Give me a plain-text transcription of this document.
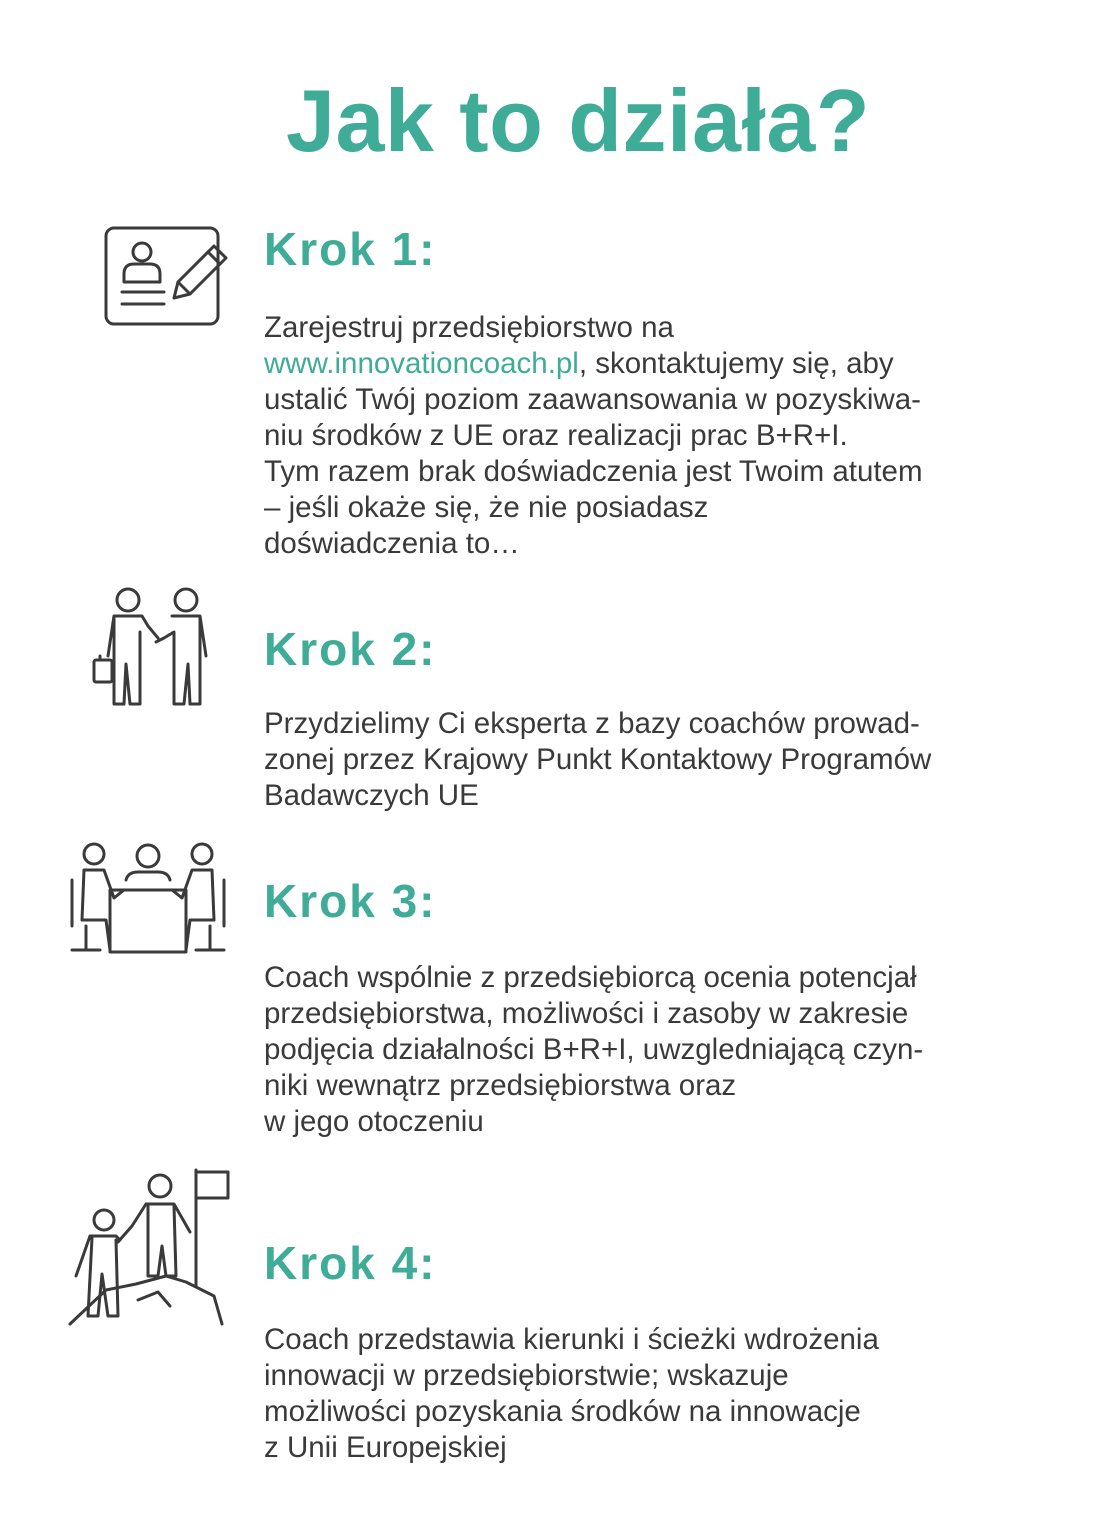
Jak to działa?
Krok 1:

Zarejestruj przedsiębiorstwo na
www.innovationcoach.pl, skontaktujemy się, aby
ustalić Twój poziom zaawansowania w pozyskiwa-
niu środków z UE oraz realizacji prac B+R+I.
Tym razem brak doświadczenia jest Twoim atutem
– jeśli okaże się, że nie posiadasz
doświadczenia to…

Krok 2:

Przydzielimy Ci eksperta z bazy coachów prowad-
zonej przez Krajowy Punkt Kontaktowy Programów
Badawczych UE

Krok 3:

Coach wspólnie z przedsiębiorcą ocenia potencjał
przedsiębiorstwa, możliwości i zasoby w zakresie
podjęcia działalności B+R+I, uwzgledniającą czyn-
niki wewnątrz przedsiębiorstwa oraz
w jego otoczeniu

Krok 4:

Coach przedstawia kierunki i ścieżki wdrożenia
innowacji w przedsiębiorstwie; wskazuje
możliwości pozyskania środków na innowacje
z Unii Europejskiej
